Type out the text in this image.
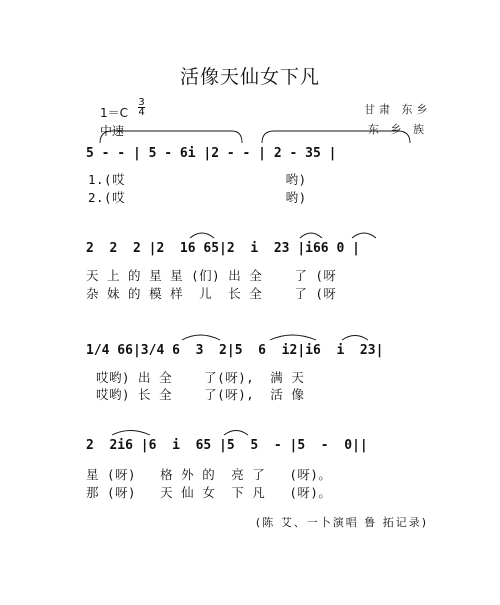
活像天仙女下凡
1＝C
3
4
中速
甘肃 东乡
东 乡 族
5 - - | 5 - 6i |2 - - | 2 - 35 |
1.(哎                    哟)
2.(哎                    哟)
2  2  2 |2  16 65|2  i  23 |i66 0 |
天 上 的 星 星 (们) 出 全    了 (呀
杂 妹 的 模 样  儿  长 全    了 (呀
1/4 66|3/4 6  3  2|5  6  i2|i6  i  23|
哎哟) 出 全    了(呀),  满 天
哎哟) 长 全    了(呀),  活 像
2  2i6 |6  i  65 |5  5  - |5  -  0||
星 (呀)   格 外 的  亮 了   (呀)。
那 (呀)   天 仙 女  下 凡   (呀)。
(陈 艾、一卜演唱 鲁 拓记录)
